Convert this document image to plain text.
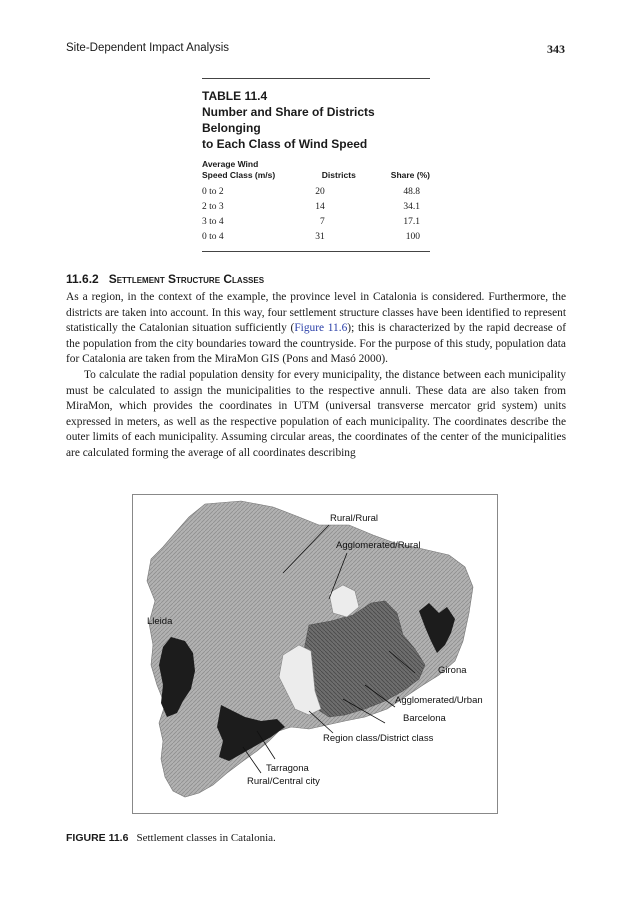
Site-Dependent Impact Analysis	343
TABLE 11.4
Number and Share of Districts Belonging
to Each Class of Wind Speed
Average Wind
Speed Class (m/s)	Districts	Share (%)
0 to 2	20	48.8
2 to 3	14	34.1
3 to 4	7	17.1
0 to 4	31	100
11.6.2 Settlement Structure Classes

As a region, in the context of the example, the province level in Catalonia is considered. Furthermore, the districts are taken into account. In this way, four settlement structure classes have been identified to represent statistically the Catalonian situation sufficiently (Figure 11.6); this is characterized by the rapid decrease of the population from the city boundaries toward the countryside. For the purpose of this study, population data for Catalonia are taken from the MiraMon GIS (Pons and Masó 2000).

To calculate the radial population density for every municipality, the distance between each municipality must be calculated to assign the municipalities to the respective annuli. These data are also taken from MiraMon, which provides the coordinates in UTM (universal transverse mercator grid system) units expressed in meters, as well as the respective population of each municipality. The coordinates describe the outer limits of each municipality. Assuming circular areas, the coordinates of the center of the municipalities are calculated forming the average of all coordinates describing

Rural/Rural
Agglomerated/Rural
Lleida
Girona
Agglomerated/Urban
Barcelona
Region class/District class
Tarragona
Rural/Central city
FIGURE 11.6 Settlement classes in Catalonia.
